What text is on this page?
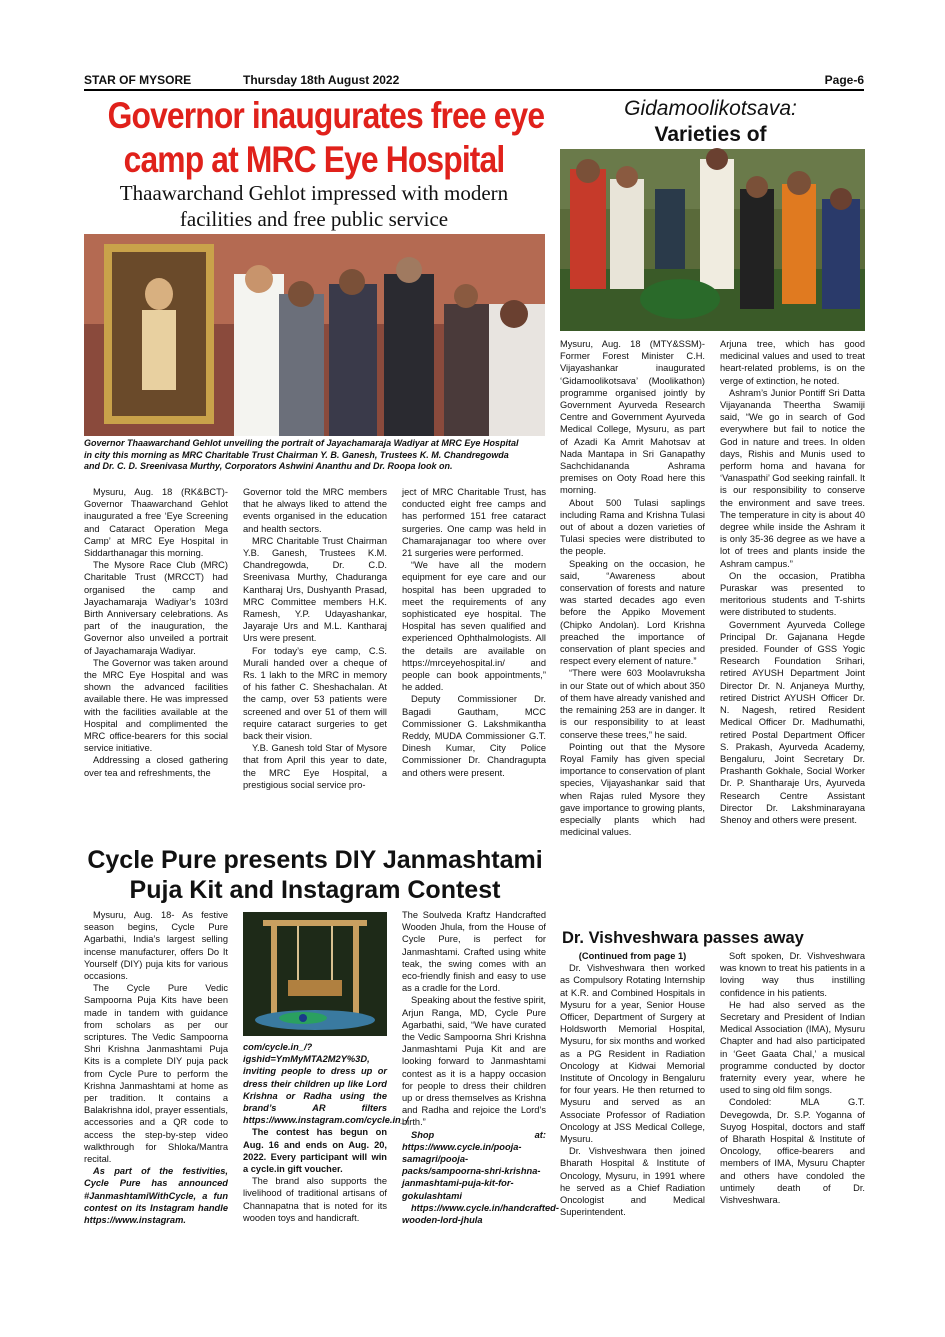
STAR OF MYSORE	Thursday 18th August 2022	Page-6
Governor inaugurates free eye
camp at MRC Eye Hospital
Thaawarchand Gehlot impressed with modern
facilities and free public service
Governor Thaawarchand Gehlot unveiling the portrait of Jayachamaraja Wadiyar at MRC Eye Hospital
in city this morning as MRC Charitable Trust Chairman Y. B. Ganesh, Trustees K. M. Chandregowda
and Dr. C. D. Sreenivasa Murthy, Corporators Ashwini Ananthu and Dr. Roopa look on.

Mysuru, Aug. 18 (RK&BCT)- Governor Thaawarchand Gehlot inaugurated a free ‘Eye Screening and Cataract Operation Mega Camp’ at MRC Eye Hospital in Siddarthanagar this morning.

The Mysore Race Club (MRC) Charitable Trust (MRCCT) had organised the camp and Jayachamaraja Wadiyar’s 103rd Birth Anniversary celebrations. As part of the inauguration, the Governor also unveiled a portrait of Jayachamaraja Wadiyar.

The Governor was taken around the MRC Eye Hospital and was shown the advanced facilities available there. He was impressed with the facilities available at the Hospital and complimented the MRC office-bearers for this social service initiative.

Addressing a closed gathering over tea and refreshments, the

Governor told the MRC members that he always liked to attend the events organised in the education and health sectors.

MRC Charitable Trust Chairman Y.B. Ganesh, Trustees K.M. Chandregowda, Dr. C.D. Sreenivasa Murthy, Chaduranga Kantharaj Urs, Dushyanth Prasad, MRC Committee members H.K. Ramesh, Y.P. Udayashankar, Jayaraje Urs and M.L. Kantharaj Urs were present.

For today’s eye camp, C.S. Murali handed over a cheque of Rs. 1 lakh to the MRC in memory of his father C. Sheshachalan. At the camp, over 53 patients were screened and over 51 of them will require cataract surgeries to get back their vision.

Y.B. Ganesh told Star of Mysore that from April this year to date, the MRC Eye Hospital, a prestigious social service pro-

ject of MRC Charitable Trust, has conducted eight free camps and has performed 151 free cataract surgeries. One camp was held in Chamarajanagar too where over 21 surgeries were performed.

“We have all the modern equipment for eye care and our hospital has been upgraded to meet the requirements of any sophisticated eye hospital. The Hospital has seven qualified and experienced Ophthalmologists. All the details are available on https://mrceyehospital.in/ and people can book appointments,” he added.

Deputy Commissioner Dr. Bagadi Gautham, MCC Commissioner G. Lakshmikantha Reddy, MUDA Commissioner G.T. Dinesh Kumar, City Police Commissioner Dr. Chandragupta and others were present.

Cycle Pure presents DIY Janmashtami
Puja Kit and Instagram Contest

Mysuru, Aug. 18- As festive season begins, Cycle Pure Agarbathi, India’s largest selling incense manufacturer, offers Do It Yourself (DIY) puja kits for various occasions.

The Cycle Pure Vedic Sampoorna Puja Kits have been made in tandem with guidance from scholars as per our scriptures. The Vedic Sampoorna Shri Krishna Janmashtami Puja Kits is a complete DIY puja pack from Cycle Pure to perform the Krishna Janmashtami at home as per tradition. It contains a Balakrishna idol, prayer essentials, accessories and a QR code to access the step-by-step video walkthrough for Shloka/Mantra recital.

As part of the festivities, Cycle Pure has announced #JanmashtamiWithCycle, a fun contest on its Instagram handle https://www.instagram.

com/cycle.in_/?igshid=YmMyMTA2M2Y%3D, inviting people to dress up or dress their children up like Lord Krishna or Radha using the brand’s AR filters https://www.instagram.com/cycle.in_/

The contest has begun on Aug. 16 and ends on Aug. 20, 2022. Every participant will win a cycle.in gift voucher.

The brand also supports the livelihood of traditional artisans of Channapatna that is noted for its wooden toys and handicraft.

The Soulveda Kraftz Handcrafted Wooden Jhula, from the House of Cycle Pure, is perfect for Janmashtami. Crafted using white teak, the swing comes with an eco-friendly finish and easy to use as a cradle for the Lord.

Speaking about the festive spirit, Arjun Ranga, MD, Cycle Pure Agarbathi, said, “We have curated the Vedic Sampoorna Shri Krishna Janmashtami Puja Kit and are looking forward to Janmashtami contest as it is a happy occasion for people to dress their children up or dress themselves as Krishna and Radha and rejoice the Lord’s birth.”

Shop at: https://www.cycle.in/pooja-samagri/pooja-packs/sampoorna-shri-krishna-janmashtami-puja-kit-for-gokulashtami

https://www.cycle.in/handcrafted-wooden-lord-jhula

Gidamoolikotsava:
Varieties of

Mysuru, Aug. 18 (MTY&SSM)- Former Forest Minister C.H. Vijayashankar inaugurated ‘Gidamoolikotsava’ (Moolikathon) programme organised jointly by Government Ayurveda Research Centre and Government Ayurveda Medical College, Mysuru, as part of Azadi Ka Amrit Mahotsav at Nada Mantapa in Sri Ganapathy Sachchidananda Ashrama premises on Ooty Road here this morning.

About 500 Tulasi saplings including Rama and Krishna Tulasi out of about a dozen varieties of Tulasi species were distributed to the people.

Speaking on the occasion, he said, “Awareness about conservation of forests and nature was started decades ago even before the Appiko Movement (Chipko Andolan). Lord Krishna preached the importance of conservation of plant species and respect every element of nature.”

“There were 603 Moolavruksha in our State out of which about 350 of them have already vanished and the remaining 253 are in danger. It is our responsibility to at least conserve these trees,” he said.

Pointing out that the Mysore Royal Family has given special importance to conservation of plant species, Vijayashankar said that when Rajas ruled Mysore they gave importance to growing plants, especially plants which had medicinal values.

Arjuna tree, which has good medicinal values and used to treat heart-related problems, is on the verge of extinction, he noted.

Ashram’s Junior Pontiff Sri Datta Vijayananda Theertha Swamiji said, “We go in search of God everywhere but fail to notice the God in nature and trees. In olden days, Rishis and Munis used to perform homa and havana for ‘Vanaspathi’ God seeking rainfall. It is our responsibility to conserve the environment and save trees. The temperature in city is about 40 degree while inside the Ashram it is only 35-36 degree as we have a lot of trees and plants inside the Ashram campus.”

On the occasion, Pratibha Puraskar was presented to meritorious students and T-shirts were distributed to students.

Government Ayurveda College Principal Dr. Gajanana Hegde presided. Founder of GSS Yogic Research Foundation Srihari, retired AYUSH Department Joint Director Dr. N. Anjaneya Murthy, retired District AYUSH Officer Dr. N. Nagesh, retired Resident Medical Officer Dr. Madhumathi, retired Postal Department Officer S. Prakash, Ayurveda Academy, Bengaluru, Joint Secretary Dr. Prashanth Gokhale, Social Worker Dr. P. Shantharaje Urs, Ayurveda Research Centre Assistant Director Dr. Lakshminarayana Shenoy and others were present.

Dr. Vishveshwara passes away

(Continued from page 1)

Dr. Vishveshwara then worked as Compulsory Rotating Internship at K.R. and Combined Hospitals in Mysuru for a year, Senior House Officer, Department of Surgery at Holdsworth Memorial Hospital, Mysuru, for six months and worked as a PG Resident in Radiation Oncology at Kidwai Memorial Institute of Oncology in Bengaluru for four years. He then returned to Mysuru and served as an Associate Professor of Radiation Oncology at JSS Medical College, Mysuru.

Dr. Vishveshwara then joined Bharath Hospital & Institute of Oncology, Mysuru, in 1991 where he served as a Chief Radiation Oncologist and Medical Superintendent.

Soft spoken, Dr. Vishveshwara was known to treat his patients in a loving way thus instilling confidence in his patients.

He had also served as the Secretary and President of Indian Medical Association (IMA), Mysuru Chapter and had also participated in ‘Geet Gaata Chal,’ a musical programme conducted by doctor fraternity every year, where he used to sing old film songs.

Condoled: MLA G.T. Devegowda, Dr. S.P. Yoganna of Suyog Hospital, doctors and staff of Bharath Hospital & Institute of Oncology, office-bearers and members of IMA, Mysuru Chapter and others have condoled the untimely death of Dr. Vishveshwara.
